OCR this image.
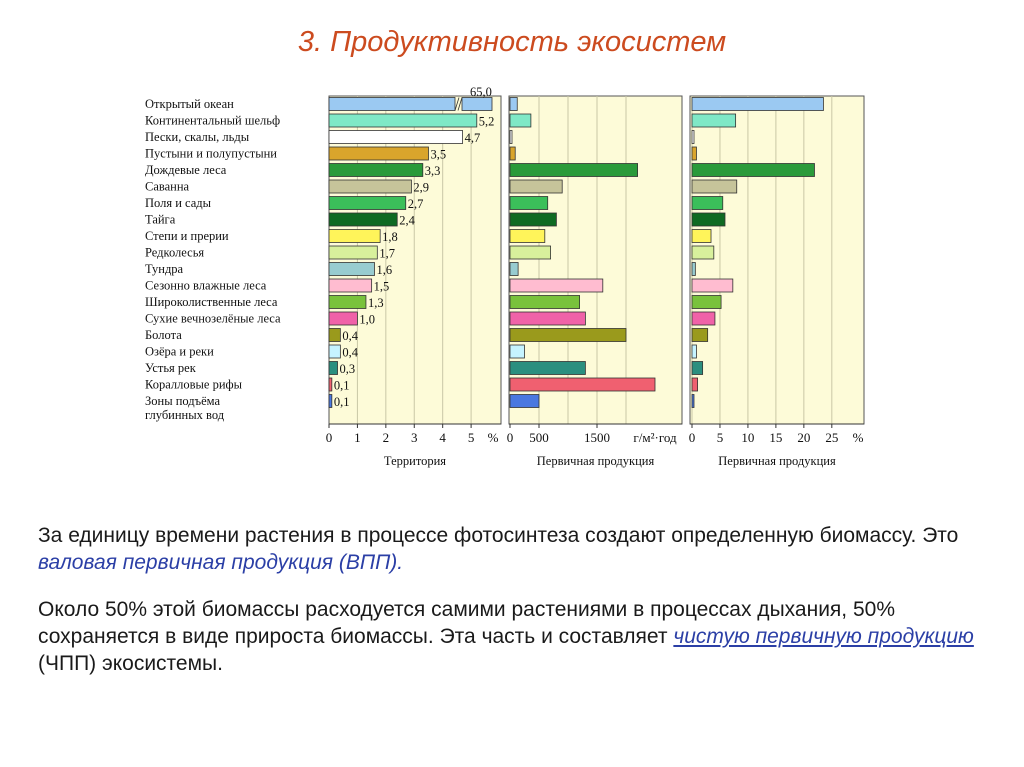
3. Продуктивность экосистем
Открытый океан
Континентальный шельф
Пески, скалы, льды
Пустыни и полупустыни
Дождевые леса
Саванна
Поля и сады
Тайга
Степи и прерии
Редколесья
Тундра
Сезонно влажные леса
Широколиственные леса
Сухие вечнозелёные леса
Болота
Озёра и реки
Устья рек
Коралловые рифы
Зоны подъёма
глубинных вод
65,0
5,2
4,7
3,5
3,3
2,9
2,7
2,4
1,8
1,7
1,6
1,5
1,3
1,0
0,4
0,4
0,3
0,1
0,1
0 1 2 3 4 5 %
Территория
0 500	1500 г/м²·год
Первичная продукция
0 5 10 15 20 25 %
Первичная продукция
За единицу времени растения в процессе фотосинтеза создают определенную биомассу. Это валовая первичная продукция (ВПП).
Около 50% этой биомассы расходуется самими растениями в процессах дыхания, 50% сохраняется в виде прироста биомассы. Эта часть и составляет чистую первичную продукцию (ЧПП) экосистемы.
